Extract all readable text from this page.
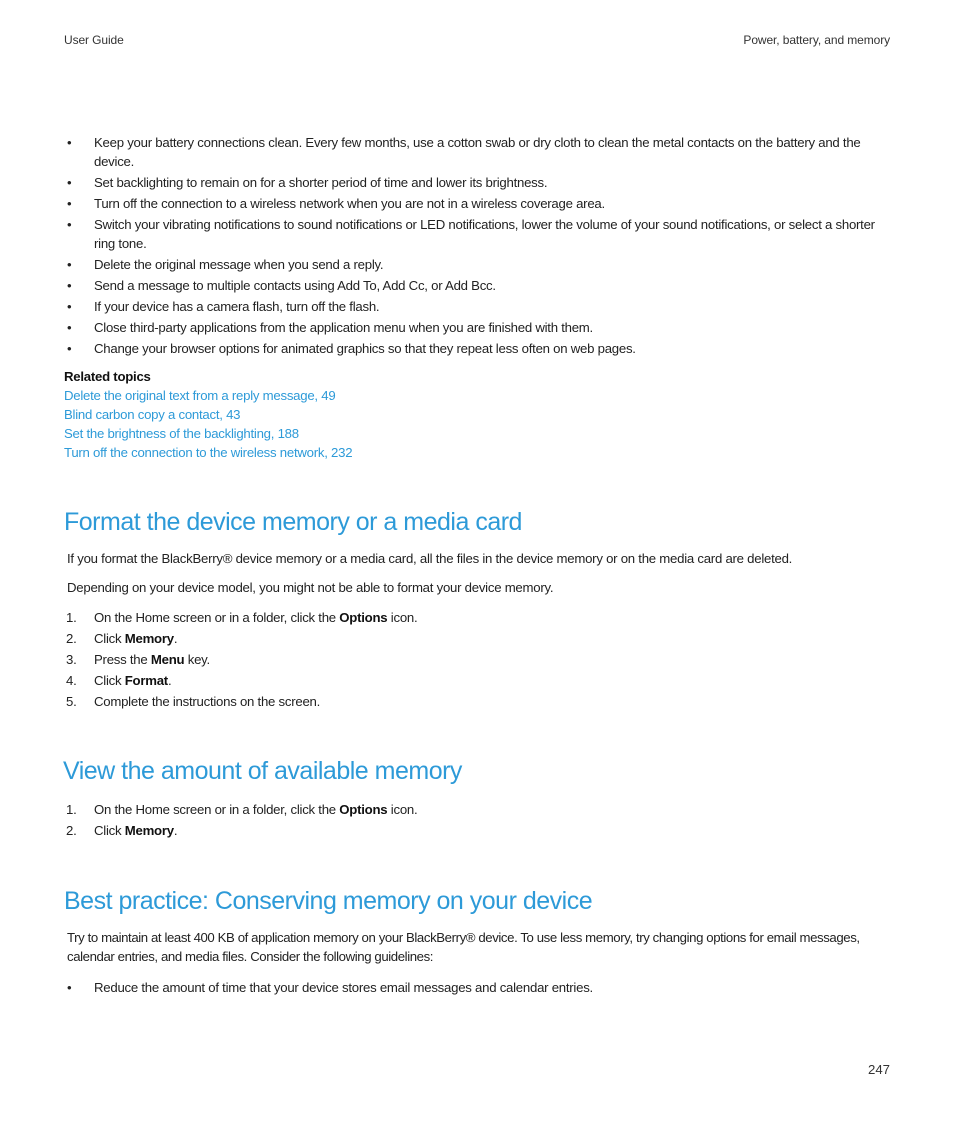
User Guide	Power, battery, and memory
• Keep your battery connections clean. Every few months, use a cotton swab or dry cloth to clean the metal contacts on the battery and the device.
• Set backlighting to remain on for a shorter period of time and lower its brightness.
• Turn off the connection to a wireless network when you are not in a wireless coverage area.
• Switch your vibrating notifications to sound notifications or LED notifications, lower the volume of your sound notifications, or select a shorter ring tone.
• Delete the original message when you send a reply.
• Send a message to multiple contacts using Add To, Add Cc, or Add Bcc.
• If your device has a camera flash, turn off the flash.
• Close third-party applications from the application menu when you are finished with them.
• Change your browser options for animated graphics so that they repeat less often on web pages.
Related topics
Delete the original text from a reply message, 49
Blind carbon copy a contact, 43
Set the brightness of the backlighting, 188
Turn off the connection to the wireless network, 232
Format the device memory or a media card

If you format the BlackBerry® device memory or a media card, all the files in the device memory or on the media card are deleted.

Depending on your device model, you might not be able to format your device memory.

1. On the Home screen or in a folder, click the Options icon.
2. Click Memory.
3. Press the Menu key.
4. Click Format.
5. Complete the instructions on the screen.
View the amount of available memory
1. On the Home screen or in a folder, click the Options icon.
2. Click Memory.
Best practice: Conserving memory on your device

Try to maintain at least 400 KB of application memory on your BlackBerry® device. To use less memory, try changing options for email messages, calendar entries, and media files. Consider the following guidelines:

• Reduce the amount of time that your device stores email messages and calendar entries.
247
